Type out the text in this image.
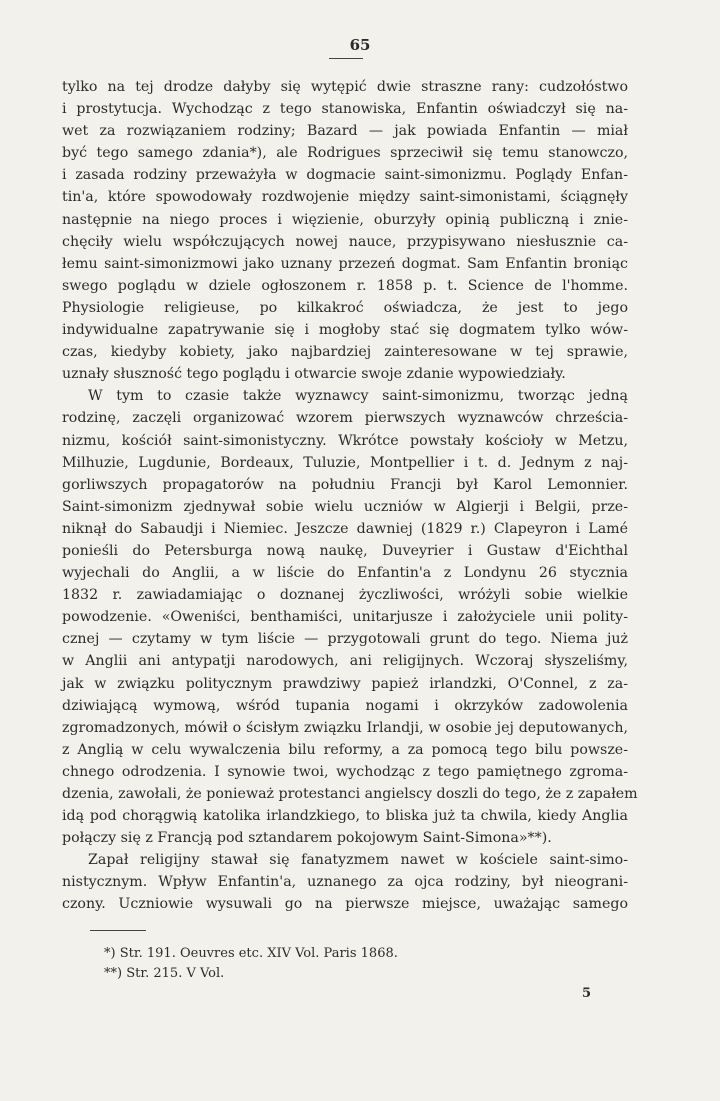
65
tylko na tej drodze dałyby się wytępić dwie straszne rany: cudzołóstwo
i prostytucja. Wychodząc z tego stanowiska, Enfantin oświadczył się na-
wet za rozwiązaniem rodziny; Bazard — jak powiada Enfantin — miał
być tego samego zdania*), ale Rodrigues sprzeciwił się temu stanowczo,
i zasada rodziny przeważyła w dogmacie saint-simonizmu. Poglądy Enfan-
tin'a, które spowodowały rozdwojenie między saint-simonistami, ściągnęły
następnie na niego proces i więzienie, oburzyły opinią publiczną i znie-
chęciły wielu współczujących nowej nauce, przypisywano niesłusznie ca-
łemu saint-simonizmowi jako uznany przezeń dogmat. Sam Enfantin broniąc
swego poglądu w dziele ogłoszonem r. 1858 p. t. Science de l'homme.
Physiologie religieuse, po kilkakroć oświadcza, że jest to jego
indywidualne zapatrywanie się i mogłoby stać się dogmatem tylko wów-
czas, kiedyby kobiety, jako najbardziej zainteresowane w tej sprawie,
uznały słuszność tego poglądu i otwarcie swoje zdanie wypowiedziały.
W tym to czasie także wyznawcy saint-simonizmu, tworząc jedną
rodzinę, zaczęli organizować wzorem pierwszych wyznawców chrześcia-
nizmu, kościół saint-simonistyczny. Wkrótce powstały kościoły w Metzu,
Milhuzie, Lugdunie, Bordeaux, Tuluzie, Montpellier i t. d. Jednym z naj-
gorliwszych propagatorów na południu Francji był Karol Lemonnier.
Saint-simonizm zjednywał sobie wielu uczniów w Algierji i Belgii, prze-
niknął do Sabaudji i Niemiec. Jeszcze dawniej (1829 r.) Clapeyron i Lamé
ponieśli do Petersburga nową naukę, Duveyrier i Gustaw d'Eichthal
wyjechali do Anglii, a w liście do Enfantin'a z Londynu 26 stycznia
1832 r. zawiadamiając o doznanej życzliwości, wróżyli sobie wielkie
powodzenie. «Oweniści, benthamiści, unitarjusze i założyciele unii polity-
cznej — czytamy w tym liście — przygotowali grunt do tego. Niema już
w Anglii ani antypatji narodowych, ani religijnych. Wczoraj słyszeliśmy,
jak w związku politycznym prawdziwy papież irlandzki, O'Connel, z za-
dziwiającą wymową, wśród tupania nogami i okrzyków zadowolenia
zgromadzonych, mówił o ścisłym związku Irlandji, w osobie jej deputowanych,
z Anglią w celu wywalczenia bilu reformy, a za pomocą tego bilu powsze-
chnego odrodzenia. I synowie twoi, wychodząc z tego pamiętnego zgroma-
dzenia, zawołali, że ponieważ protestanci angielscy doszli do tego, że z zapałem
idą pod chorągwią katolika irlandzkiego, to bliska już ta chwila, kiedy Anglia
połączy się z Francją pod sztandarem pokojowym Saint-Simona»**).
Zapał religijny stawał się fanatyzmem nawet w kościele saint-simo-
nistycznym. Wpływ Enfantin'a, uznanego za ojca rodziny, był nieograni-
czony. Uczniowie wysuwali go na pierwsze miejsce, uważając samego
*) Str. 191. Oeuvres etc. XIV Vol. Paris 1868.
**) Str. 215. V Vol.
5
